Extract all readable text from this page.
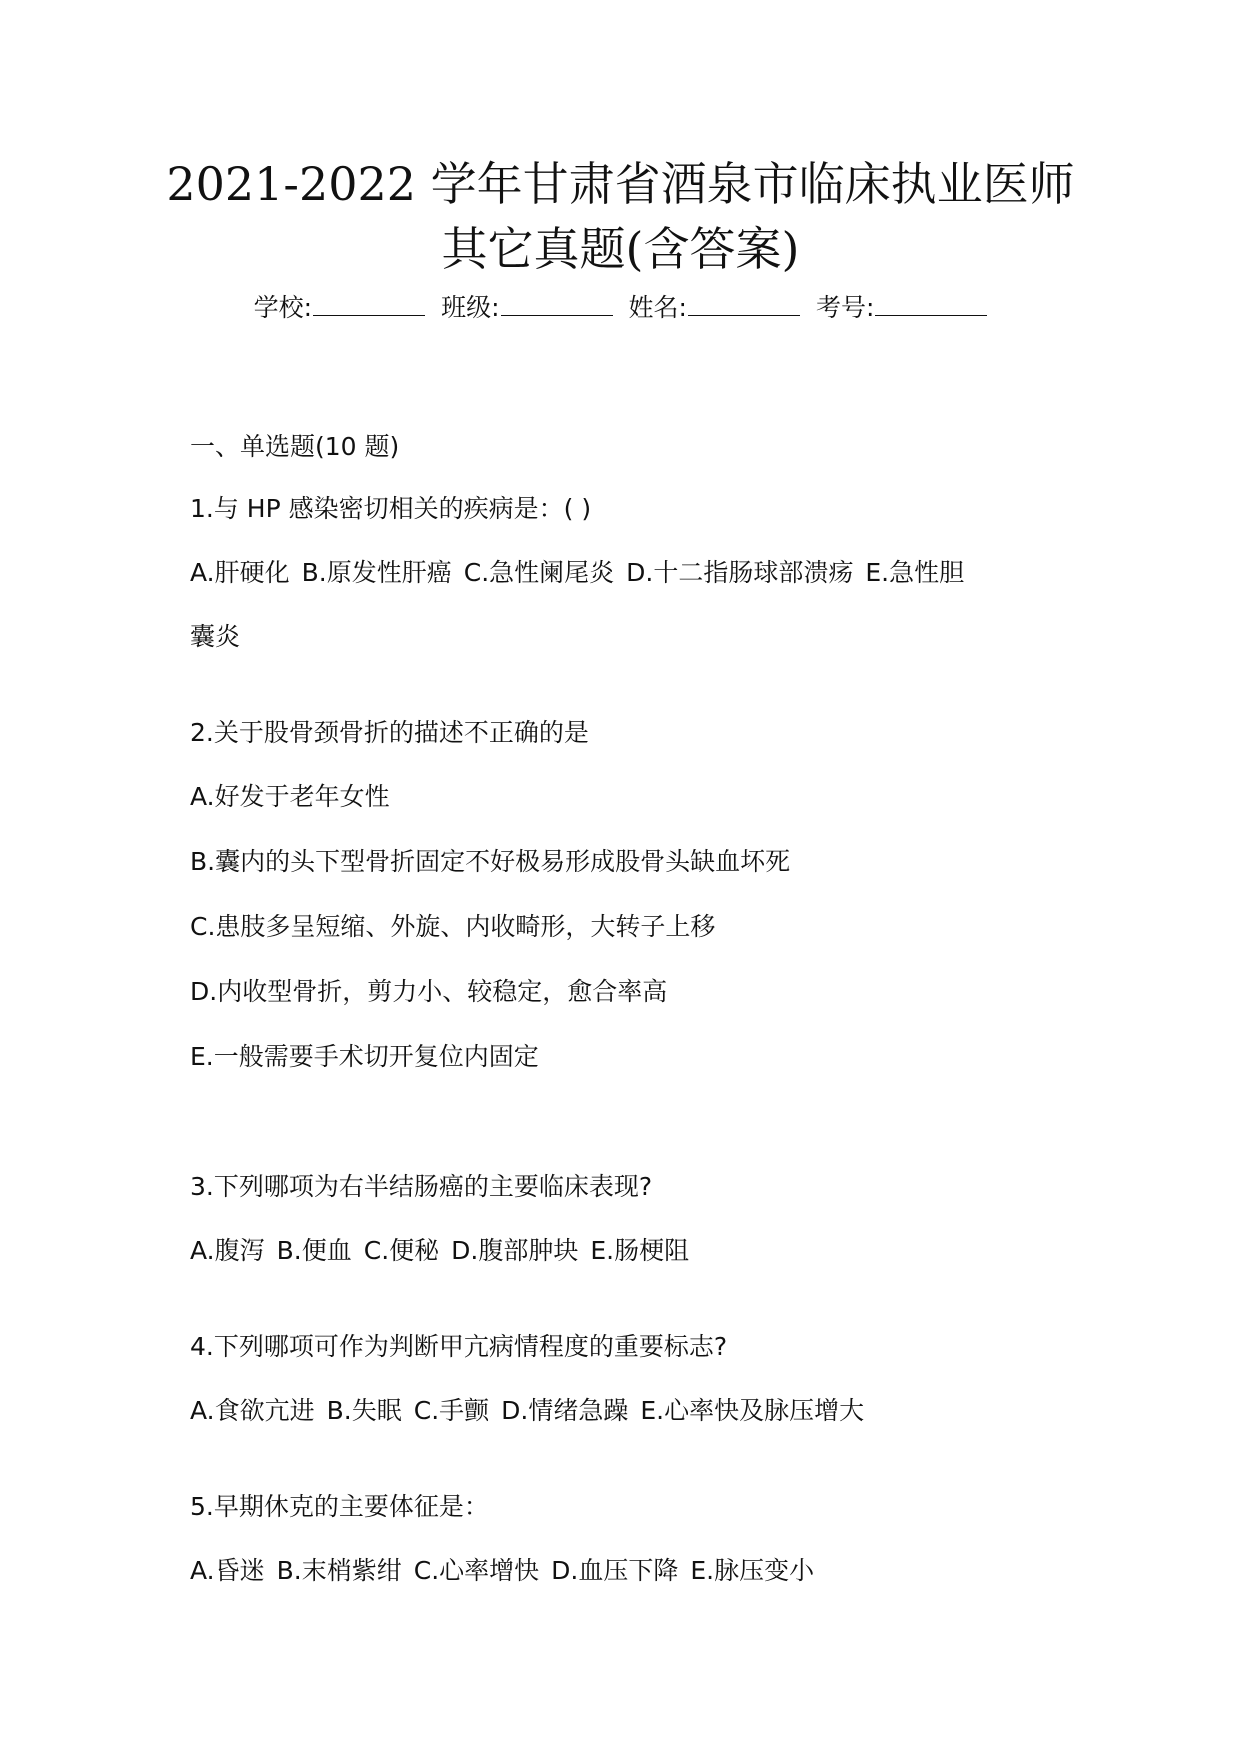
2021-2022 学年甘肃省酒泉市临床执业医师
其它真题(含答案)
学校:	班级:	姓名:	考号:
一、单选题(10 题)
1.与 HP 感染密切相关的疾病是：( )
A.肝硬化 B.原发性肝癌 C.急性阑尾炎 D.十二指肠球部溃疡 E.急性胆
囊炎
2.关于股骨颈骨折的描述不正确的是
A.好发于老年女性
B.囊内的头下型骨折固定不好极易形成股骨头缺血坏死
C.患肢多呈短缩、外旋、内收畸形，大转子上移
D.内收型骨折，剪力小、较稳定，愈合率高
E.一般需要手术切开复位内固定
3.下列哪项为右半结肠癌的主要临床表现?
A.腹泻 B.便血 C.便秘 D.腹部肿块 E.肠梗阻
4.下列哪项可作为判断甲亢病情程度的重要标志?
A.食欲亢进 B.失眠 C.手颤 D.情绪急躁 E.心率快及脉压增大
5.早期休克的主要体征是：
A.昏迷 B.末梢紫绀 C.心率增快 D.血压下降 E.脉压变小
